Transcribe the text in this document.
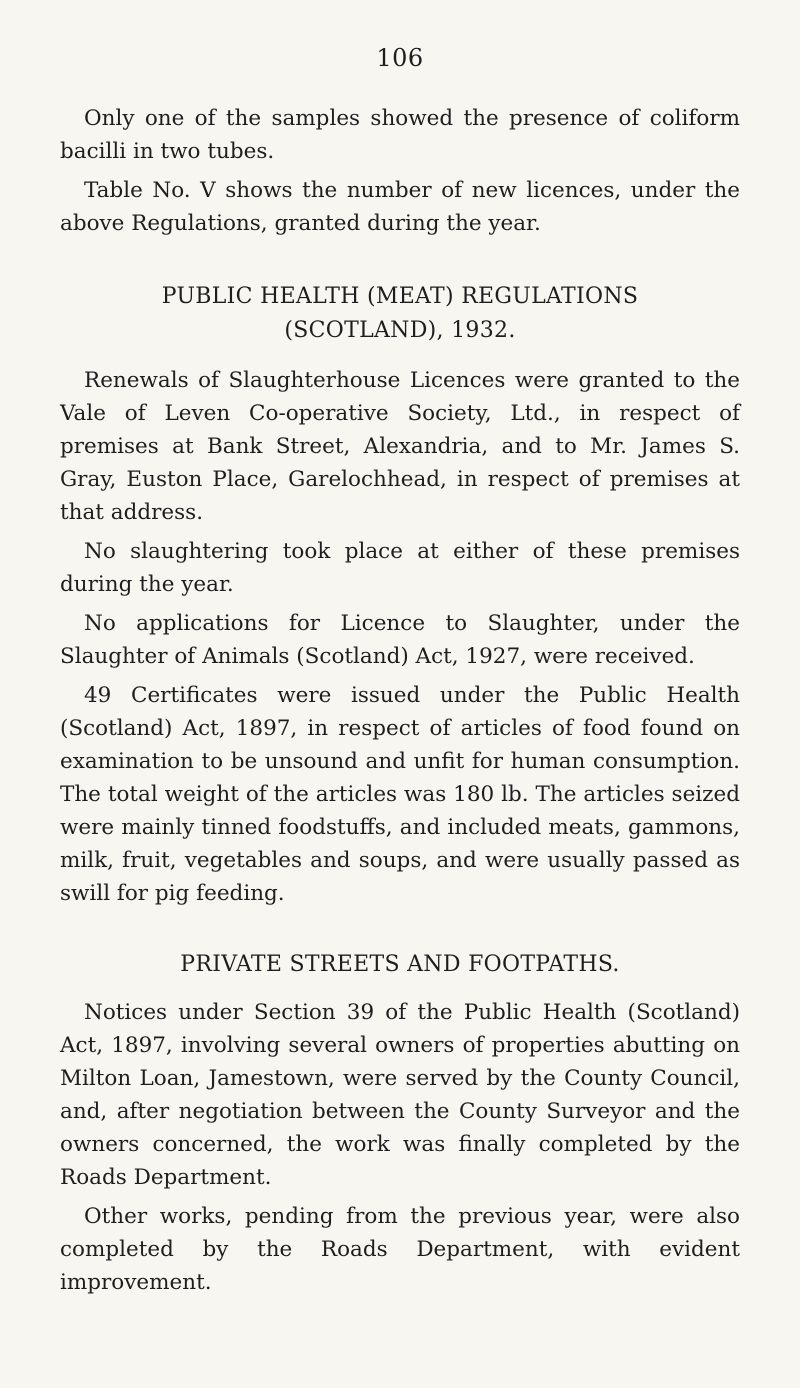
106

Only one of the samples showed the presence of coliform bacilli in two tubes.

Table No. V shows the number of new licences, under the above Regulations, granted during the year.

PUBLIC HEALTH (MEAT) REGULATIONS
(SCOTLAND), 1932.

Renewals of Slaughterhouse Licences were granted to the Vale of Leven Co-operative Society, Ltd., in respect of premises at Bank Street, Alexandria, and to Mr. James S. Gray, Euston Place, Garelochhead, in respect of premises at that address.

No slaughtering took place at either of these premises during the year.

No applications for Licence to Slaughter, under the Slaughter of Animals (Scotland) Act, 1927, were received.

49 Certificates were issued under the Public Health (Scotland) Act, 1897, in respect of articles of food found on examination to be unsound and unfit for human consumption. The total weight of the articles was 180 lb. The articles seized were mainly tinned foodstuffs, and included meats, gammons, milk, fruit, vegetables and soups, and were usually passed as swill for pig feeding.

PRIVATE STREETS AND FOOTPATHS.

Notices under Section 39 of the Public Health (Scotland) Act, 1897, involving several owners of properties abutting on Milton Loan, Jamestown, were served by the County Council, and, after negotiation between the County Surveyor and the owners concerned, the work was finally completed by the Roads Department.

Other works, pending from the previous year, were also completed by the Roads Department, with evident improvement.
